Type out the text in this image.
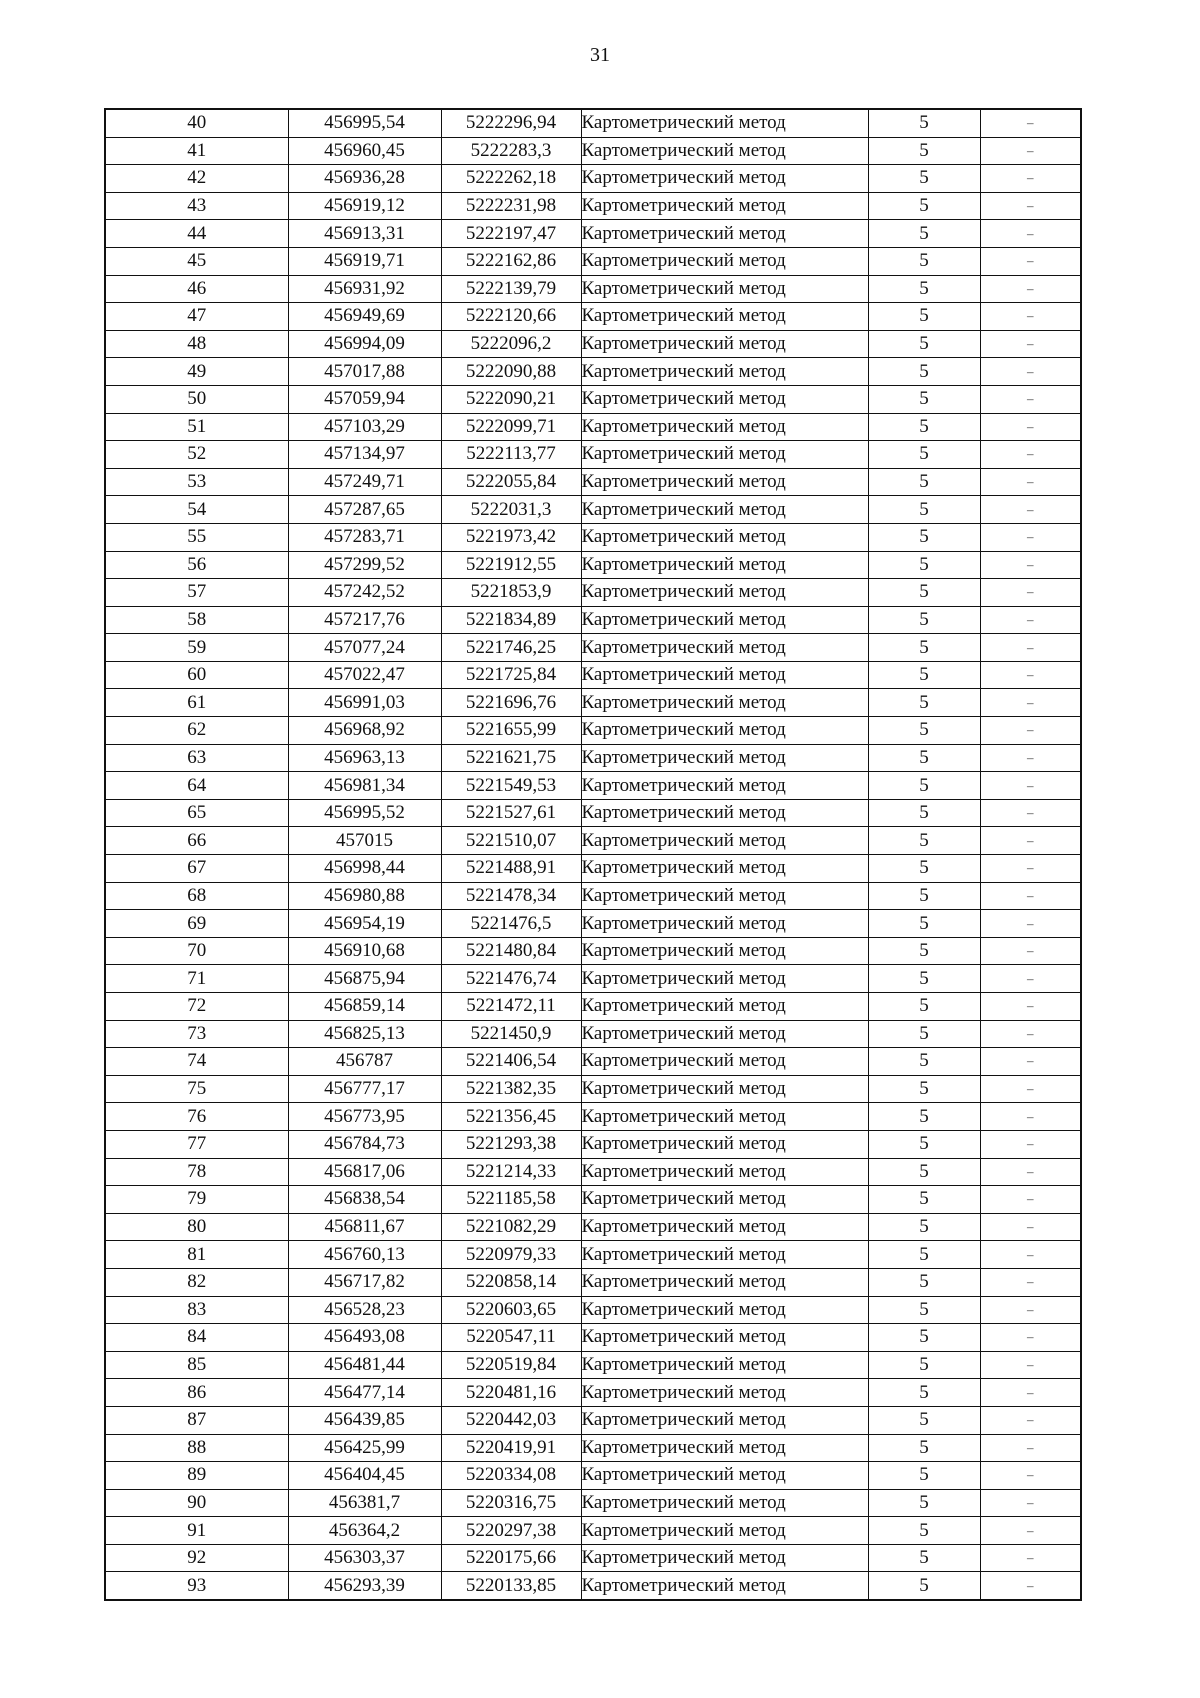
31
40	456995,54	5222296,94	Картометрический метод	5	–
41	456960,45	5222283,3	Картометрический метод	5	–
42	456936,28	5222262,18	Картометрический метод	5	–
43	456919,12	5222231,98	Картометрический метод	5	–
44	456913,31	5222197,47	Картометрический метод	5	–
45	456919,71	5222162,86	Картометрический метод	5	–
46	456931,92	5222139,79	Картометрический метод	5	–
47	456949,69	5222120,66	Картометрический метод	5	–
48	456994,09	5222096,2	Картометрический метод	5	–
49	457017,88	5222090,88	Картометрический метод	5	–
50	457059,94	5222090,21	Картометрический метод	5	–
51	457103,29	5222099,71	Картометрический метод	5	–
52	457134,97	5222113,77	Картометрический метод	5	–
53	457249,71	5222055,84	Картометрический метод	5	–
54	457287,65	5222031,3	Картометрический метод	5	–
55	457283,71	5221973,42	Картометрический метод	5	–
56	457299,52	5221912,55	Картометрический метод	5	–
57	457242,52	5221853,9	Картометрический метод	5	–
58	457217,76	5221834,89	Картометрический метод	5	–
59	457077,24	5221746,25	Картометрический метод	5	–
60	457022,47	5221725,84	Картометрический метод	5	–
61	456991,03	5221696,76	Картометрический метод	5	–
62	456968,92	5221655,99	Картометрический метод	5	–
63	456963,13	5221621,75	Картометрический метод	5	–
64	456981,34	5221549,53	Картометрический метод	5	–
65	456995,52	5221527,61	Картометрический метод	5	–
66	457015	5221510,07	Картометрический метод	5	–
67	456998,44	5221488,91	Картометрический метод	5	–
68	456980,88	5221478,34	Картометрический метод	5	–
69	456954,19	5221476,5	Картометрический метод	5	–
70	456910,68	5221480,84	Картометрический метод	5	–
71	456875,94	5221476,74	Картометрический метод	5	–
72	456859,14	5221472,11	Картометрический метод	5	–
73	456825,13	5221450,9	Картометрический метод	5	–
74	456787	5221406,54	Картометрический метод	5	–
75	456777,17	5221382,35	Картометрический метод	5	–
76	456773,95	5221356,45	Картометрический метод	5	–
77	456784,73	5221293,38	Картометрический метод	5	–
78	456817,06	5221214,33	Картометрический метод	5	–
79	456838,54	5221185,58	Картометрический метод	5	–
80	456811,67	5221082,29	Картометрический метод	5	–
81	456760,13	5220979,33	Картометрический метод	5	–
82	456717,82	5220858,14	Картометрический метод	5	–
83	456528,23	5220603,65	Картометрический метод	5	–
84	456493,08	5220547,11	Картометрический метод	5	–
85	456481,44	5220519,84	Картометрический метод	5	–
86	456477,14	5220481,16	Картометрический метод	5	–
87	456439,85	5220442,03	Картометрический метод	5	–
88	456425,99	5220419,91	Картометрический метод	5	–
89	456404,45	5220334,08	Картометрический метод	5	–
90	456381,7	5220316,75	Картометрический метод	5	–
91	456364,2	5220297,38	Картометрический метод	5	–
92	456303,37	5220175,66	Картометрический метод	5	–
93	456293,39	5220133,85	Картометрический метод	5	–
